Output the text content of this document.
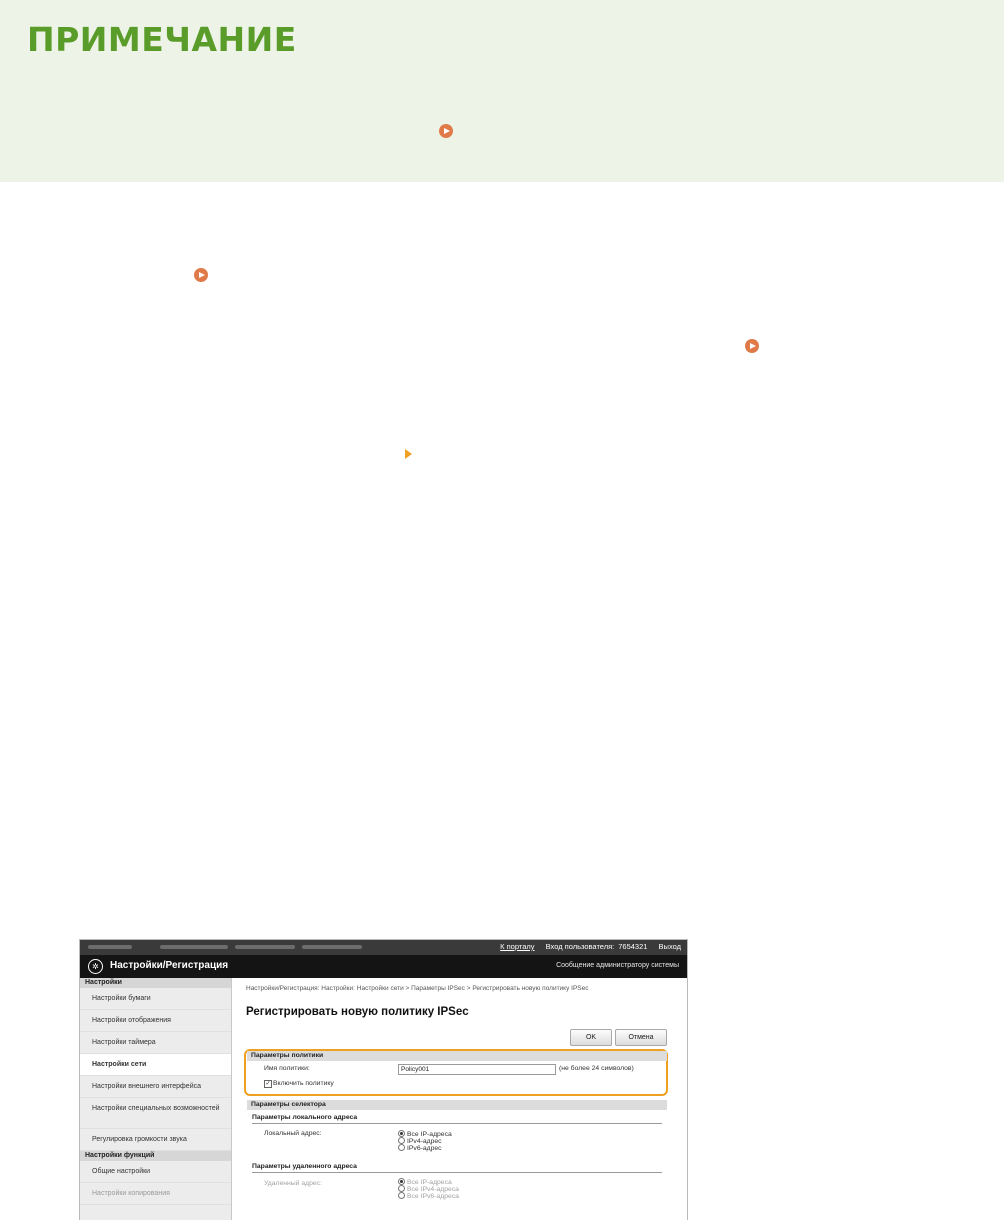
ПРИМЕЧАНИЕ
К порталу Вход пользователя: 7654321 Выход
✲	Настройки/Регистрация	Сообщение администратору системы
Настройки
Настройки бумаги
Настройки отображения
Настройки таймера
Настройки сети
Настройки внешнего интерфейса
Настройки специальных возможностей
Регулировка громкости звука
Настройки функций
Общие настройки
Настройки копирования
Настройки/Регистрация: Настройки: Настройки сети > Параметры IPSec > Регистрировать новую политику IPSec
Регистрировать новую политику IPSec
OK	Отмена
Параметры политики
Имя политики:	Policy001	(не более 24 символов)
✓ Включить политику
Параметры селектора
Параметры локального адреса
Локальный адрес:	Все IP-адреса
IPv4-адрес
IPv6-адрес
Параметры удаленного адреса
Удаленный адрес:	Все IP-адреса
Все IPv4-адреса
Все IPv6-адреса
